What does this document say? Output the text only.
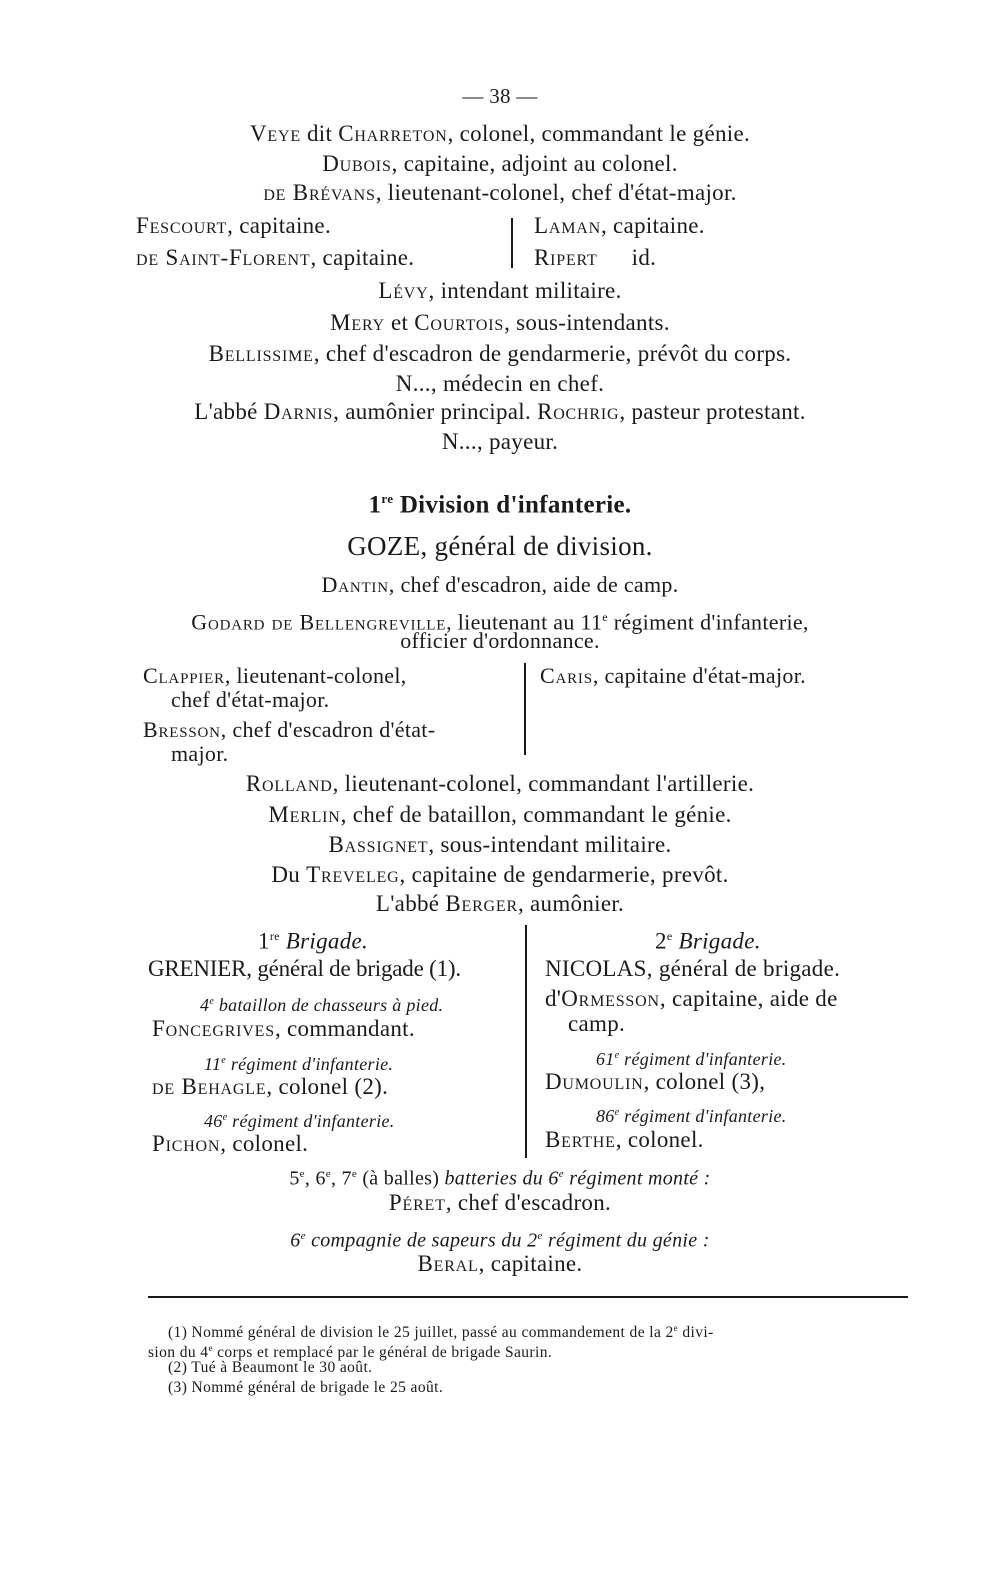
— 38 —
Veye dit Charreton, colonel, commandant le génie.
Dubois, capitaine, adjoint au colonel.
de Brévans, lieutenant-colonel, chef d'état-major.
Fescourt, capitaine.
de Saint-Florent, capitaine.
Laman, capitaine.
Ripert id.
Lévy, intendant militaire.
Mery et Courtois, sous-intendants.
Bellissime, chef d'escadron de gendarmerie, prévôt du corps.
N..., médecin en chef.
L'abbé Darnis, aumônier principal. Rochrig, pasteur protestant.
N..., payeur.
1re Division d'infanterie.
GOZE, général de division.
Dantin, chef d'escadron, aide de camp.
Godard de Bellengreville, lieutenant au 11e régiment d'infanterie,
officier d'ordonnance.
Clappier, lieutenant-colonel,
chef d'état-major.
Bresson, chef d'escadron d'état-
major.
Caris, capitaine d'état-major.
Rolland, lieutenant-colonel, commandant l'artillerie.
Merlin, chef de bataillon, commandant le génie.
Bassignet, sous-intendant militaire.
Du Treveleg, capitaine de gendarmerie, prevôt.
L'abbé Berger, aumônier.
1re Brigade.
GRENIER, général de brigade (1).
4e bataillon de chasseurs à pied.
Foncegrives, commandant.
11e régiment d'infanterie.
de Behagle, colonel (2).
46e régiment d'infanterie.
Pichon, colonel.
2e Brigade.
NICOLAS, général de brigade.
d'Ormesson, capitaine, aide de
camp.
61e régiment d'infanterie.
Dumoulin, colonel (3),
86e régiment d'infanterie.
Berthe, colonel.
5e, 6e, 7e (à balles) batteries du 6e régiment monté :
Péret, chef d'escadron.
6e compagnie de sapeurs du 2e régiment du génie :
Beral, capitaine.
(1) Nommé général de division le 25 juillet, passé au commandement de la 2e divi-
sion du 4e corps et remplacé par le général de brigade Saurin.
(2) Tué à Beaumont le 30 août.
(3) Nommé général de brigade le 25 août.
